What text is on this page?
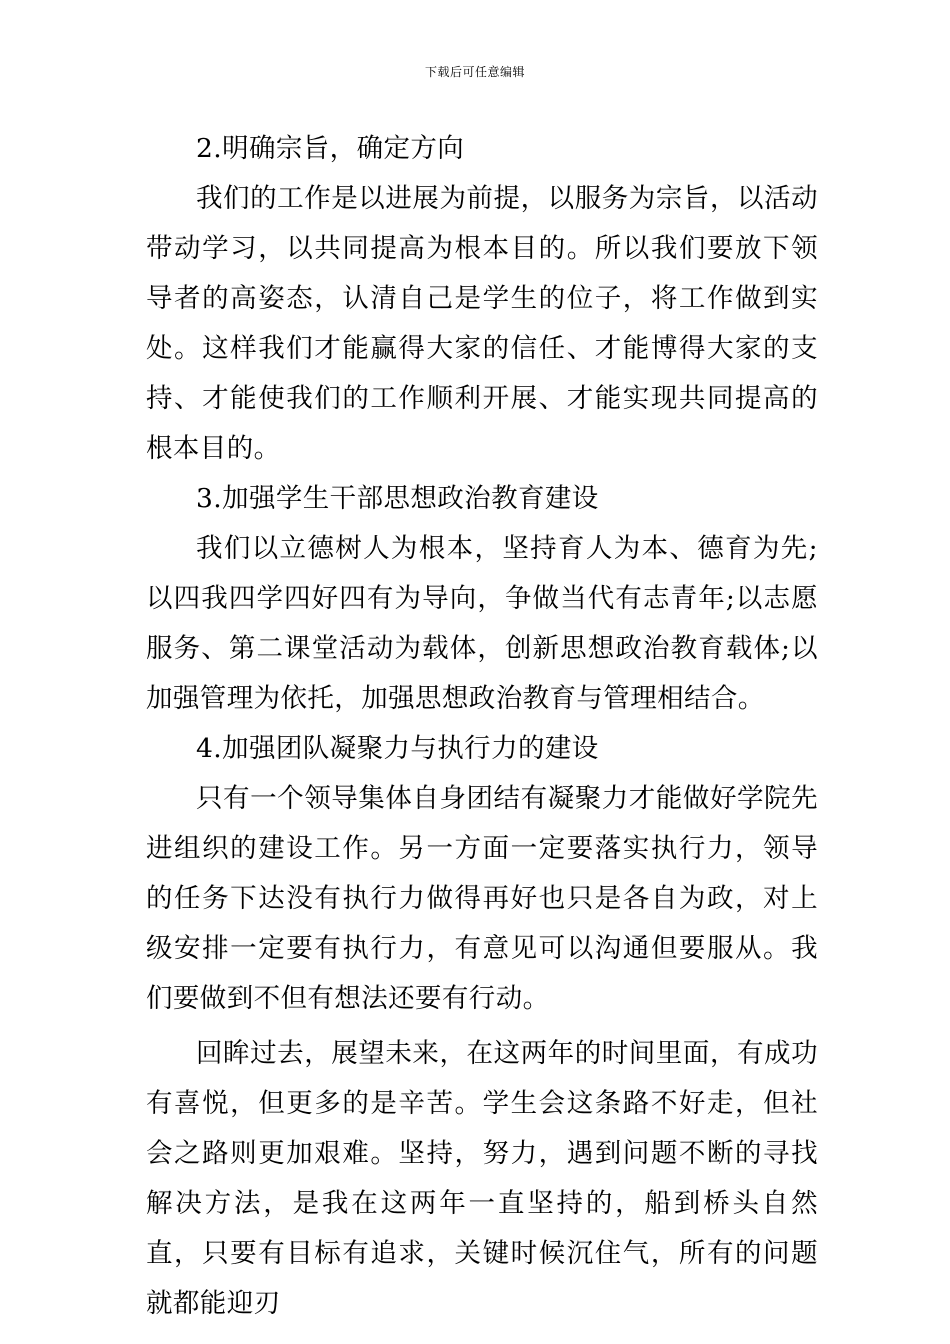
下载后可任意编辑

2.明确宗旨，确定方向

我们的工作是以进展为前提，以服务为宗旨，以活动带动学习，以共同提高为根本目的。所以我们要放下领导者的高姿态，认清自己是学生的位子，将工作做到实处。这样我们才能赢得大家的信任、才能博得大家的支持、才能使我们的工作顺利开展、才能实现共同提高的根本目的。

3.加强学生干部思想政治教育建设

我们以立德树人为根本，坚持育人为本、德育为先;以四我四学四好四有为导向，争做当代有志青年;以志愿服务、第二课堂活动为载体，创新思想政治教育载体;以加强管理为依托，加强思想政治教育与管理相结合。

4.加强团队凝聚力与执行力的建设

只有一个领导集体自身团结有凝聚力才能做好学院先进组织的建设工作。另一方面一定要落实执行力，领导的任务下达没有执行力做得再好也只是各自为政，对上级安排一定要有执行力，有意见可以沟通但要服从。我们要做到不但有想法还要有行动。

回眸过去，展望未来，在这两年的时间里面，有成功有喜悦，但更多的是辛苦。学生会这条路不好走，但社会之路则更加艰难。坚持，努力，遇到问题不断的寻找解决方法，是我在这两年一直坚持的，船到桥头自然直，只要有目标有追求，关键时候沉住气，所有的问题就都能迎刃
